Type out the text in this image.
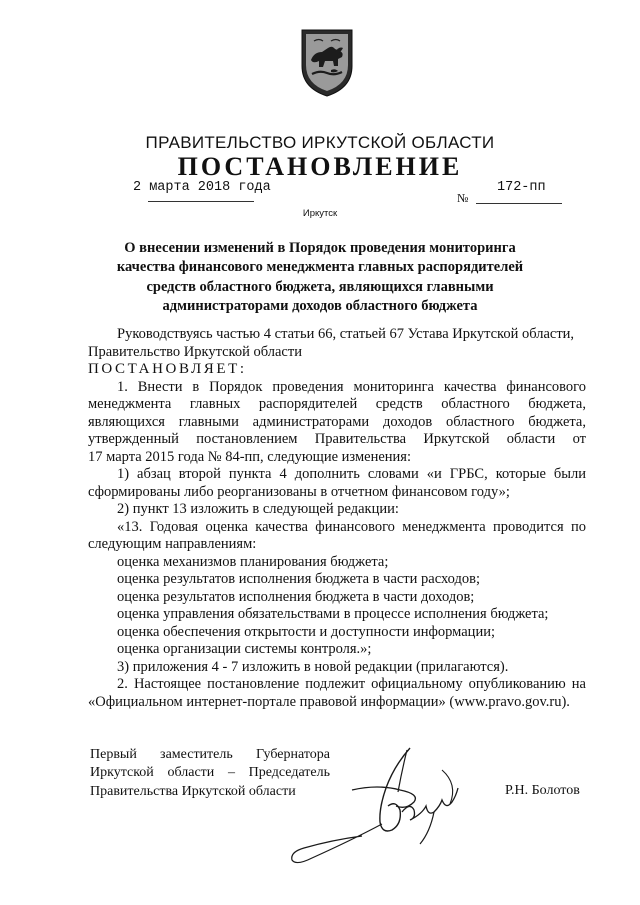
ПРАВИТЕЛЬСТВО ИРКУТСКОЙ ОБЛАСТИ
ПОСТАНОВЛЕНИЕ
2 марта 2018 года
№
172-пп
Иркутск
О внесении изменений в Порядок проведения мониторинга
качества финансового менеджмента главных распорядителей
средств областного бюджета, являющихся главными
администраторами доходов областного бюджета

Руководствуясь частью 4 статьи 66, статьей 67 Устава Иркутской области,

Правительство Иркутской области

ПОСТАНОВЛЯЕТ:

1. Внести в Порядок проведения мониторинга качества финансового

менеджмента главных распорядителей средств областного бюджета,

являющихся главными администраторами доходов областного бюджета,

утвержденный постановлением Правительства Иркутской области от

17 марта 2015 года № 84-пп, следующие изменения:

1) абзац второй пункта 4 дополнить словами «и ГРБС, которые были

сформированы либо реорганизованы в отчетном финансовом году»;

2) пункт 13 изложить в следующей редакции:

«13. Годовая оценка качества финансового менеджмента проводится по

следующим направлениям:

оценка механизмов планирования бюджета;

оценка результатов исполнения бюджета в части расходов;

оценка результатов исполнения бюджета в части доходов;

оценка управления обязательствами в процессе исполнения бюджета;

оценка обеспечения открытости и доступности информации;

оценка организации системы контроля.»;

3) приложения 4 - 7 изложить в новой редакции (прилагаются).

2. Настоящее постановление подлежит официальному опубликованию на

«Официальном интернет-портале правовой информации» (www.pravo.gov.ru).

Первый заместитель Губернатора

Иркутской области – Председатель

Правительства Иркутской области	Р.Н. Болотов
